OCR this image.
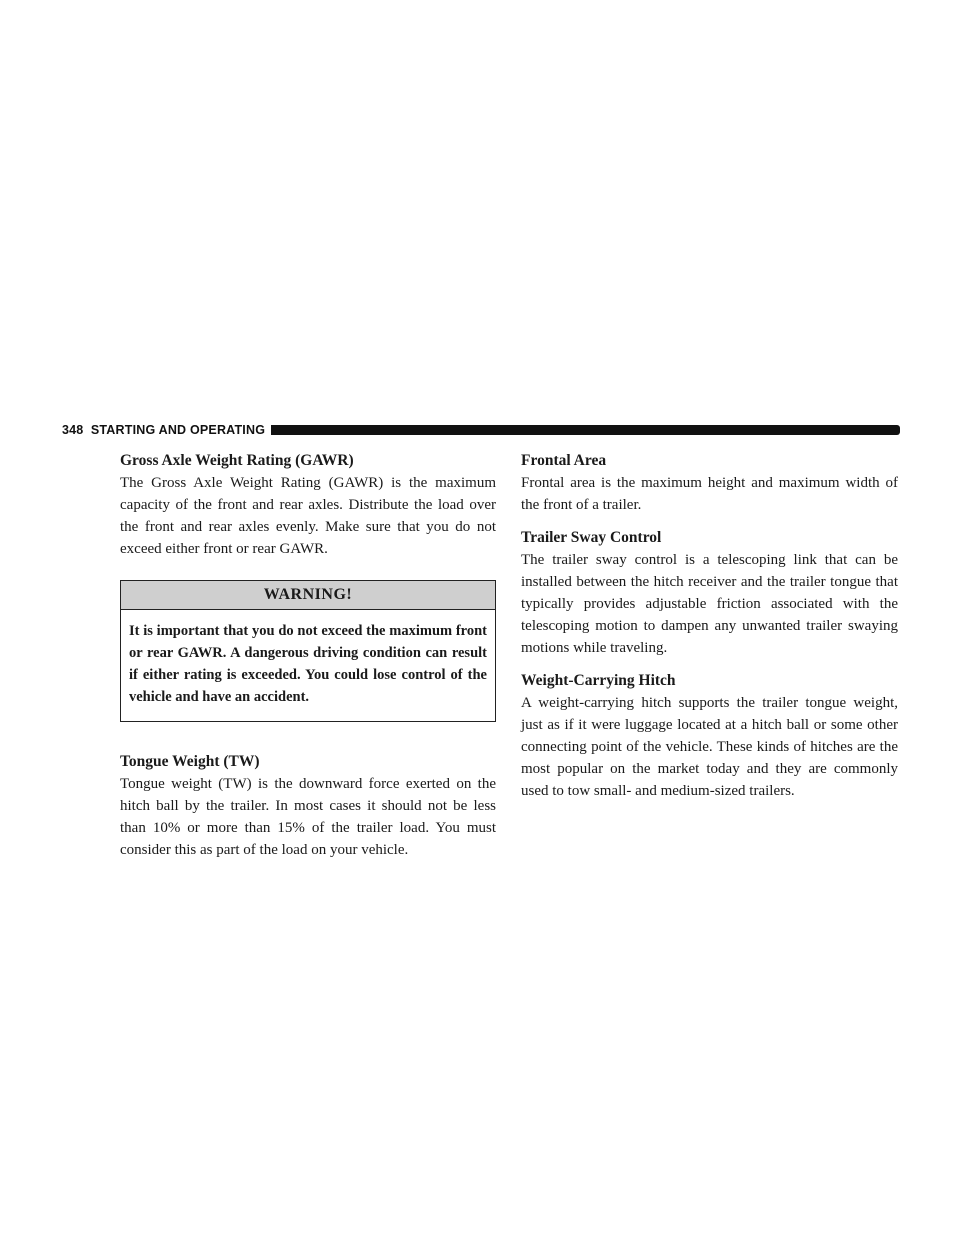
348 STARTING AND OPERATING
Gross Axle Weight Rating (GAWR)

The Gross Axle Weight Rating (GAWR) is the maximum capacity of the front and rear axles. Distribute the load over the front and rear axles evenly. Make sure that you do not exceed either front or rear GAWR.

WARNING!
It is important that you do not exceed the maximum front or rear GAWR. A dangerous driving condition can result if either rating is exceeded. You could lose control of the vehicle and have an accident.
Tongue Weight (TW)

Tongue weight (TW) is the downward force exerted on the hitch ball by the trailer. In most cases it should not be less than 10% or more than 15% of the trailer load. You must consider this as part of the load on your vehicle.

Frontal Area

Frontal area is the maximum height and maximum width of the front of a trailer.

Trailer Sway Control

The trailer sway control is a telescoping link that can be installed between the hitch receiver and the trailer tongue that typically provides adjustable friction associated with the telescoping motion to dampen any unwanted trailer swaying motions while traveling.

Weight-Carrying Hitch

A weight-carrying hitch supports the trailer tongue weight, just as if it were luggage located at a hitch ball or some other connecting point of the vehicle. These kinds of hitches are the most popular on the market today and they are commonly used to tow small- and medium-sized trailers.
